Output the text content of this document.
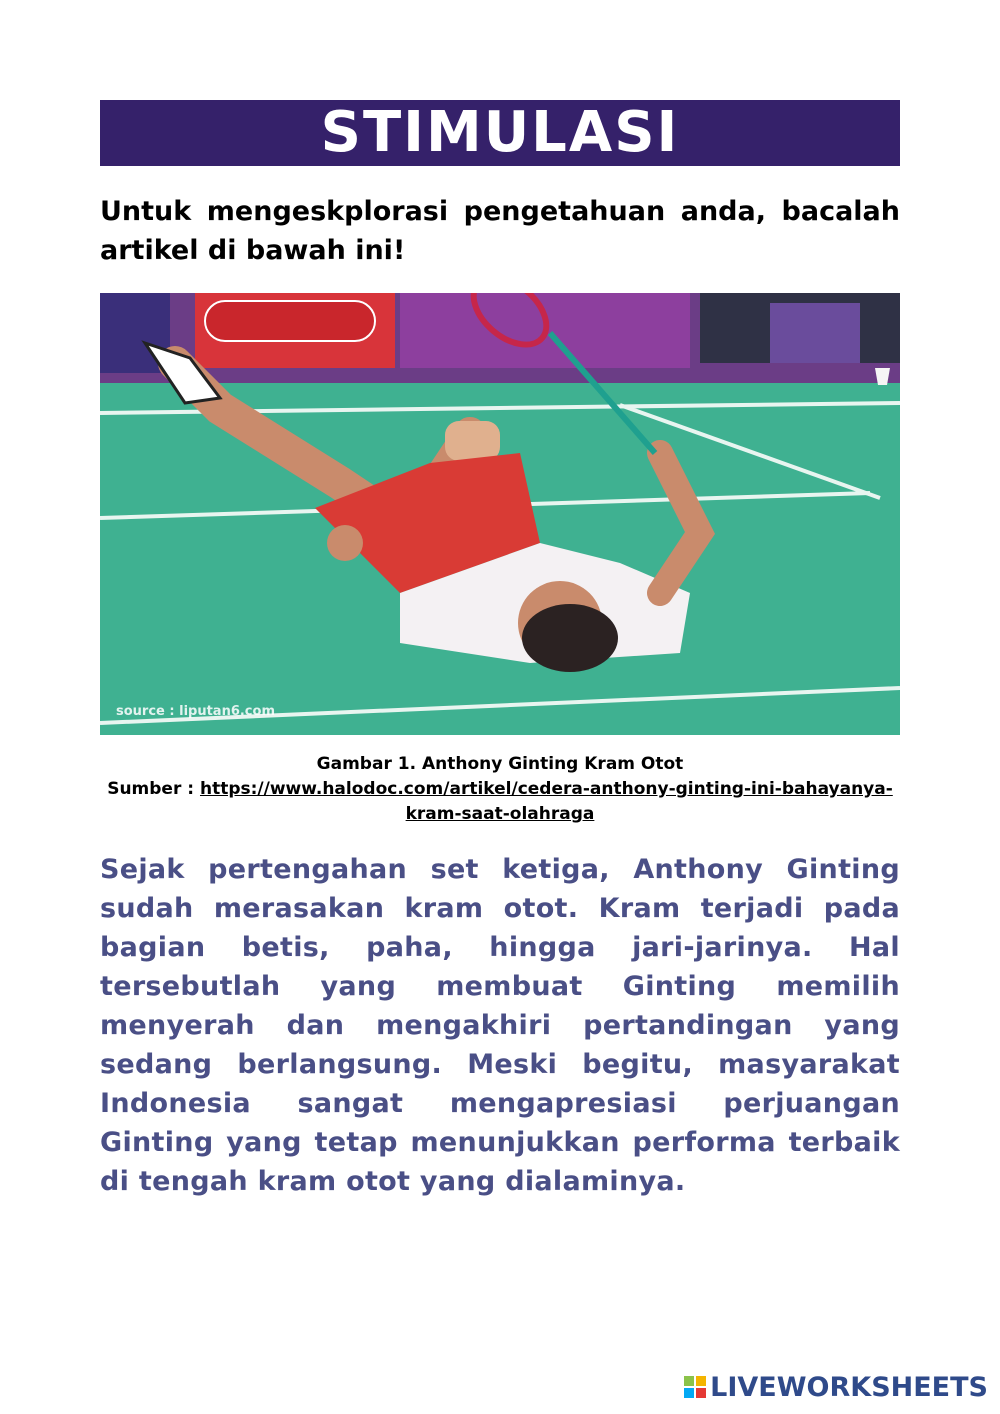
STIMULASI
Untuk mengeskplorasi pengetahuan anda, bacalah artikel di bawah ini!
source : liputan6.com
Gambar 1. Anthony Ginting Kram Otot
Sumber : https://www.halodoc.com/artikel/cedera-anthony-ginting-ini-bahayanya-kram-saat-olahraga
Sejak pertengahan set ketiga, Anthony Ginting sudah merasakan kram otot. Kram terjadi pada bagian betis, paha, hingga jari-jarinya. Hal tersebutlah yang membuat Ginting memilih menyerah dan mengakhiri pertandingan yang sedang berlangsung. Meski begitu, masyarakat Indonesia sangat mengapresiasi perjuangan Ginting yang tetap menunjukkan performa terbaik di tengah kram otot yang dialaminya.
LIVEWORKSHEETS
